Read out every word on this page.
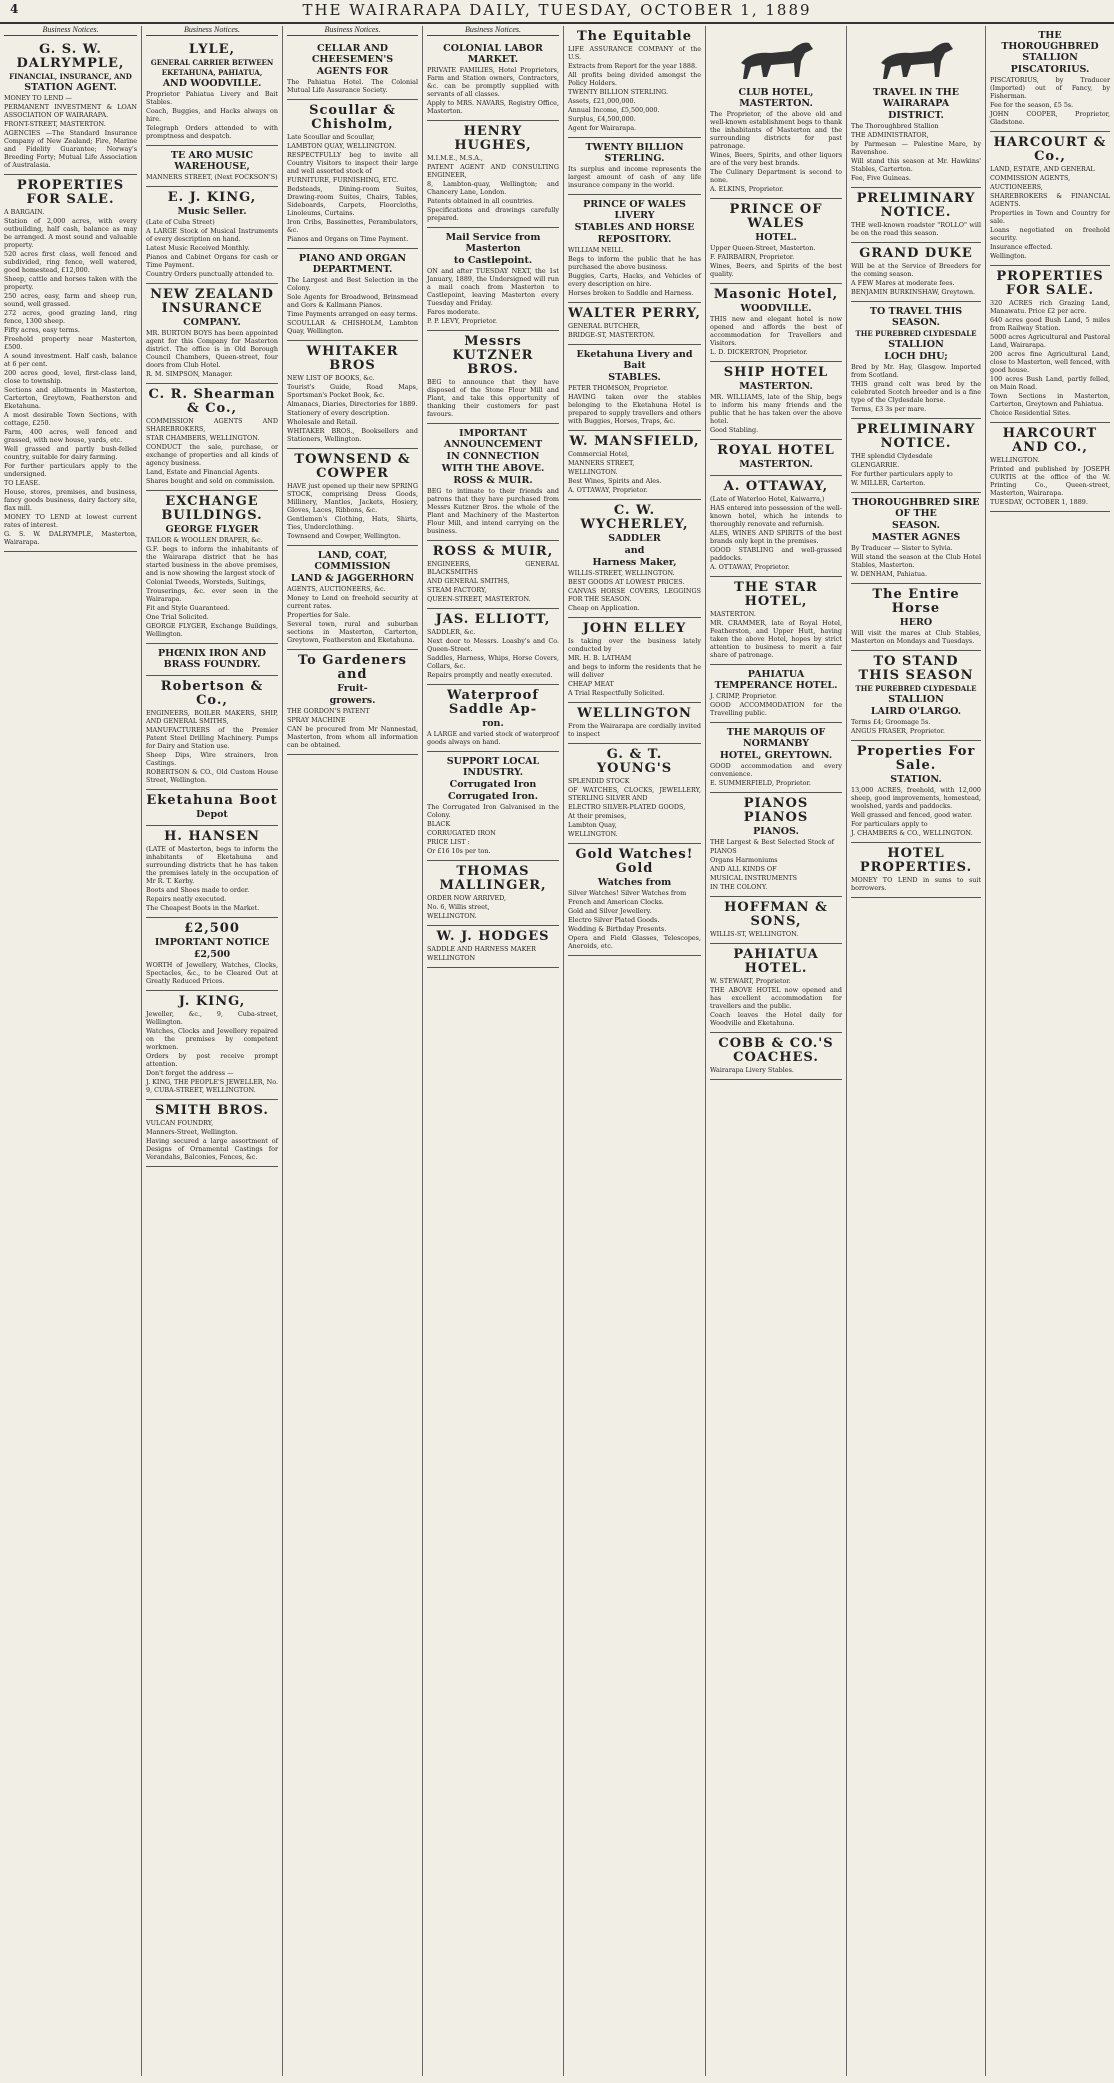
4	THE WAIRARAPA DAILY, TUESDAY, OCTOBER 1, 1889
Business Notices.
G. S. W. DALRYMPLE,
FINANCIAL, INSURANCE, AND
STATION AGENT.

MONEY TO LEND —

PERMANENT INVESTMENT & LOAN ASSOCIATION OF WAIRARAPA.

FRONT-STREET, MASTERTON.

AGENCIES —The Standard Insurance Company of New Zealand; Fire, Marine and Fidelity Guarantee; Norway's Breeding Forty; Mutual Life Association of Australasia.

PROPERTIES FOR SALE.

A BARGAIN.

Station of 2,000 acres, with every outbuilding, half cash, balance as may be arranged. A most sound and valuable property.

520 acres first class, well fenced and subdivided, ring fence, well watered, good homestead, £12,000.

Sheep, cattle and horses taken with the property.

250 acres, easy, farm and sheep run, sound, well grassed.

272 acres, good grazing land, ring fence, 1300 sheep.

Fifty acres, easy terms.

Freehold property near Masterton, £500.

A sound investment. Half cash, balance at 6 per cent.

200 acres good, level, first-class land, close to township.

Sections and allotments in Masterton, Carterton, Greytown, Featherston and Eketahuna.

A most desirable Town Sections, with cottage, £250.

Farm, 400 acres, well fenced and grassed, with new house, yards, etc.

Well grassed and partly bush-felled country, suitable for dairy farming.

For further particulars apply to the undersigned.

TO LEASE.

House, stores, premises, and business, fancy goods business, dairy factory site, flax mill.

MONEY TO LEND at lowest current rates of interest.

G. S. W. DALRYMPLE, Masterton, Wairarapa.

Business Notices.
LYLE,
GENERAL CARRIER BETWEEN
EKETAHUNA, PAHIATUA,
AND WOODVILLE.

Proprietor Pahiatua Livery and Bait Stables.

Coach, Buggies, and Hacks always on hire.

Telegraph Orders attended to with promptness and despatch.

TE ARO MUSIC WAREHOUSE,

MANNERS STREET, (Next FOCKSON'S)

E. J. KING,
Music Seller.

(Late of Cuba Street)

A LARGE Stock of Musical Instruments of every description on hand.

Latest Music Received Monthly.

Pianos and Cabinet Organs for cash or Time Payment.

Country Orders punctually attended to.

NEW ZEALAND INSURANCE
COMPANY.

MR. BURTON BOYS has been appointed agent for this Company for Masterton district. The office is in Old Borough Council Chambers, Queen-street, four doors from Club Hotel.

R. M. SIMPSON, Manager.

C. R. Shearman & Co.,

COMMISSION AGENTS AND SHAREBROKERS,

STAR CHAMBERS, WELLINGTON.

CONDUCT the sale, purchase, or exchange of properties and all kinds of agency business.

Land, Estate and Financial Agents.

Shares bought and sold on commission.

EXCHANGE BUILDINGS.
GEORGE FLYGER

TAILOR & WOOLLEN DRAPER, &c.

G.F. begs to inform the inhabitants of the Wairarapa district that he has started business in the above premises, and is now showing the largest stock of

Colonial Tweeds, Worsteds, Suitings,

Trouserings, &c. ever seen in the Wairarapa.

Fit and Style Guaranteed.

One Trial Solicited.

GEORGE FLYGER, Exchange Buildings, Wellington.

PHŒNIX IRON AND BRASS FOUNDRY.

Robertson & Co.,

ENGINEERS, BOILER MAKERS, SHIP, AND GENERAL SMITHS,

MANUFACTURERS of the Premier Patent Steel Drilling Machinery. Pumps for Dairy and Station use.

Sheep Dips, Wire strainers, Iron Castings.

ROBERTSON & CO., Old Custom House Street, Wellington.

Eketahuna Boot
Depot

H. HANSEN

(LATE of Masterton, begs to inform the inhabitants of Eketahuna and surrounding districts that he has taken the premises lately in the occupation of Mr R. T. Kerby.

Boots and Shoes made to order.

Repairs neatly executed.

The Cheapest Boots in the Market.

£2,500
IMPORTANT NOTICE
£2,500

WORTH of Jewellery, Watches, Clocks, Spectacles, &c., to be Cleared Out at Greatly Reduced Prices.

J. KING,

Jeweller, &c., 9, Cuba-street, Wellington.

Watches, Clocks and Jewellery repaired on the premises by competent workmen.

Orders by post receive prompt attention.

Don't forget the address —

J. KING, THE PEOPLE'S JEWELLER, No. 9, CUBA-STREET, WELLINGTON.

SMITH BROS.

VULCAN FOUNDRY,

Manners-Street, Wellington.

Having secured a large assortment of Designs of Ornamental Castings for Verandahs, Balconies, Fences, &c.

Business Notices.
CELLAR AND CHEESEMEN'S
AGENTS FOR

The Pahiatua Hotel. The Colonial Mutual Life Assurance Society.

Scoullar & Chisholm,

Late Scoullar and Scoullar,

LAMBTON QUAY, WELLINGTON.

RESPECTFULLY beg to invite all Country Visitors to inspect their large and well assorted stock of

FURNITURE, FURNISHING, ETC.

Bedsteads, Dining-room Suites, Drawing-room Suites, Chairs, Tables, Sideboards, Carpets, Floorcloths, Linoleums, Curtains.

Iron Cribs, Bassinettes, Perambulators, &c.

Pianos and Organs on Time Payment.

PIANO AND ORGAN DEPARTMENT.

The Largest and Best Selection in the Colony.

Sole Agents for Broadwood, Brinsmead and Gors & Kallmann Pianos.

Time Payments arranged on easy terms.

SCOULLAR & CHISHOLM, Lambton Quay, Wellington.

WHITAKER BROS

NEW LIST OF BOOKS, &c.

Tourist's Guide, Road Maps, Sportsman's Pocket Book, &c.

Almanacs, Diaries, Directories for 1889.

Stationery of every description.

Wholesale and Retail.

WHITAKER BROS., Booksellers and Stationers, Wellington.

TOWNSEND & COWPER

HAVE just opened up their new SPRING STOCK, comprising Dress Goods, Millinery, Mantles, Jackets, Hosiery, Gloves, Laces, Ribbons, &c.

Gentlemen's Clothing, Hats, Shirts, Ties, Underclothing.

Townsend and Cowper, Wellington.

LAND, COAT, COMMISSION
LAND & JAGGERHORN

AGENTS, AUCTIONEERS, &c.

Money to Lend on freehold security at current rates.

Properties for Sale.

Several town, rural and suburban sections in Masterton, Carterton, Greytown, Featherston and Eketahuna.

To Gardeners and
Fruit-
growers.

THE GORDON'S PATENT

SPRAY MACHINE

CAN be procured from Mr Nannestad, Masterton, from whom all information can be obtained.

Business Notices.
COLONIAL LABOR MARKET.

PRIVATE FAMILIES, Hotel Proprietors, Farm and Station owners, Contractors, &c. can be promptly supplied with servants of all classes.

Apply to MRS. NAVARS, Registry Office, Masterton.

HENRY HUGHES,

M.I.M.E., M.S.A.,

PATENT AGENT AND CONSULTING ENGINEER,

8, Lambton-quay, Wellington; and Chancery Lane, London.

Patents obtained in all countries.

Specifications and drawings carefully prepared.

Mail Service from Masterton
to Castlepoint.

ON and after TUESDAY NEXT, the 1st January, 1889, the Undersigned will run a mail coach from Masterton to Castlepoint, leaving Masterton every Tuesday and Friday.

Fares moderate.

P. P. LEVY, Proprietor.

Messrs KUTZNER BROS.

BEG to announce that they have disposed of the Stone Flour Mill and Plant, and take this opportunity of thanking their customers for past favours.

IMPORTANT ANNOUNCEMENT
IN CONNECTION
WITH THE ABOVE.
ROSS & MUIR.

BEG to intimate to their friends and patrons that they have purchased from Messrs Kutzner Bros. the whole of the Plant and Machinery of the Masterton Flour Mill, and intend carrying on the business.

ROSS & MUIR,

ENGINEERS, GENERAL BLACKSMITHS

AND GENERAL SMITHS,

STEAM FACTORY,

QUEEN-STREET, MASTERTON.

JAS. ELLIOTT,

SADDLER, &c.

Next door to Messrs. Loasby's and Co. Queen-Street.

Saddles, Harness, Whips, Horse Covers, Collars, &c.

Repairs promptly and neatly executed.

Waterproof Saddle Ap-
ron.

A LARGE and varied stock of waterproof goods always on hand.

SUPPORT LOCAL INDUSTRY.
Corrugated Iron
Corrugated Iron.

The Corrugated Iron Galvanised in the Colony.

BLACK

CORRUGATED IRON

PRICE LIST :

Or £16 10s per ton.

THOMAS MALLINGER,

ORDER NOW ARRIVED,

No. 6, Willis street,

WELLINGTON.

W. J. HODGES

SADDLE AND HARNESS MAKER

WELLINGTON

The Equitable

LIFE ASSURANCE COMPANY of the U.S.

Extracts from Report for the year 1888.

All profits being divided amongst the Policy Holders.

TWENTY BILLION STERLING.

Assets, £21,000,000.

Annual Income, £5,500,000.

Surplus, £4,500,000.

Agent for Wairarapa.

TWENTY BILLION STERLING.

Its surplus and income represents the largest amount of cash of any life insurance company in the world.

PRINCE OF WALES LIVERY
STABLES AND HORSE
REPOSITORY.

WILLIAM NEILL

Begs to inform the public that he has purchased the above business.

Buggies, Carts, Hacks, and Vehicles of every description on hire.

Horses broken to Saddle and Harness.

WALTER PERRY,

GENERAL BUTCHER,

BRIDGE-ST, MASTERTON.

Eketahuna Livery and Bait
STABLES.

PETER THOMSON, Proprietor.

HAVING taken over the stables belonging to the Eketahuna Hotel is prepared to supply travellers and others with Buggies, Horses, Traps, &c.

W. MANSFIELD,

Commercial Hotel,

MANNERS STREET,

WELLINGTON.

Best Wines, Spirits and Ales.

A. OTTAWAY, Proprietor.

C. W. WYCHERLEY,
SADDLER
and
Harness Maker,

WILLIS-STREET, WELLINGTON.

BEST GOODS AT LOWEST PRICES.

CANVAS HORSE COVERS, LEGGINGS FOR THE SEASON.

Cheap on Application.

JOHN ELLEY

Is taking over the business lately conducted by

MR. H. B. LATHAM

and begs to inform the residents that he will deliver

CHEAP MEAT

A Trial Respectfully Solicited.

WELLINGTON

From the Wairarapa are cordially invited to inspect

G. & T. YOUNG'S

SPLENDID STOCK

OF WATCHES, CLOCKS, JEWELLERY, STERLING SILVER AND

ELECTRO SILVER-PLATED GOODS,

At their premises,

Lambton Quay,

WELLINGTON.

Gold Watches! Gold
Watches from

Silver Watches! Silver Watches from

French and American Clocks.

Gold and Silver Jewellery.

Electro Silver Plated Goods.

Wedding & Birthday Presents.

Opera and Field Glasses, Telescopes, Aneroids, etc.

CLUB HOTEL, MASTERTON.

The Proprietor, of the above old and well-known establishment begs to thank the inhabitants of Masterton and the surrounding districts for past patronage.

Wines, Beers, Spirits, and other liquors are of the very best brands.

The Culinary Department is second to none.

A. ELKINS, Proprietor.

PRINCE OF WALES
HOTEL.

Upper Queen-Street, Masterton.

F. FAIRBAIRN, Proprietor.

Wines, Beers, and Spirits of the best quality.

Masonic Hotel,
WOODVILLE.

THIS new and elegant hotel is now opened and affords the best of accommodation for Travellers and Visitors.

L. D. DICKERTON, Proprietor.

SHIP HOTEL
MASTERTON.

MR. WILLIAMS, late of the Ship, begs to inform his many friends and the public that he has taken over the above hotel.

Good Stabling.

ROYAL HOTEL
MASTERTON.

A. OTTAWAY,

(Late of Waterloo Hotel, Kaiwarra,)

HAS entered into possession of the well-known hotel, which he intends to thoroughly renovate and refurnish.

ALES, WINES AND SPIRITS of the best brands only kept in the premises.

GOOD STABLING and well-grassed paddocks.

A. OTTAWAY, Proprietor.

THE STAR HOTEL,

MASTERTON.

MR. CRAMMER, late of Royal Hotel, Featherston, and Upper Hutt, having taken the above Hotel, hopes by strict attention to business to merit a fair share of patronage.

PAHIATUA TEMPERANCE HOTEL.

J. CRIMP, Proprietor.

GOOD ACCOMMODATION for the Travelling public.

THE MARQUIS OF NORMANBY
HOTEL, GREYTOWN.

GOOD accommodation and every convenience.

E. SUMMERFIELD, Proprietor.

PIANOS PIANOS
PIANOS.

THE Largest & Best Selected Stock of

PIANOS

Organs Harmoniums

AND ALL KINDS OF

MUSICAL INSTRUMENTS

IN THE COLONY.

HOFFMAN & SONS,

WILLIS-ST, WELLINGTON.

PAHIATUA HOTEL.

W. STEWART, Proprietor.

THE ABOVE HOTEL now opened and has excellent accommodation for travellers and the public.

Coach leaves the Hotel daily for Woodville and Eketahuna.

COBB & CO.'S COACHES.

Wairarapa Livery Stables.

TRAVEL IN THE WAIRARAPA
DISTRICT.

The Thoroughbred Stallion

THE ADMINISTRATOR,

by Parmesan — Palestine Mare, by Ravenshoe.

Will stand this season at Mr. Hawkins' Stables, Carterton.

Fee, Five Guineas.

PRELIMINARY NOTICE.

THE well-known roadster "ROLLO" will be on the road this season.

GRAND DUKE

Will be at the Service of Breeders for the coming season.

A FEW Mares at moderate fees.

BENJAMIN BURKINSHAW, Greytown.

TO TRAVEL THIS SEASON.
THE PUREBRED CLYDESDALE
STALLION
LOCH DHU;

Bred by Mr. Hay, Glasgow. Imported from Scotland.

THIS grand colt was bred by the celebrated Scotch breeder and is a fine type of the Clydesdale horse.

Terms, £3 3s per mare.

PRELIMINARY NOTICE.

THE splendid Clydesdale

GLENGARRIE.

For further particulars apply to

W. MILLER, Carterton.

THOROUGHBRED SIRE OF THE
SEASON.
MASTER AGNES

By Traducer — Sister to Sylvia.

Will stand the season at the Club Hotel Stables, Masterton.

W. DENHAM, Pahiatua.

The Entire Horse
HERO

Will visit the mares at Club Stables, Masterton on Mondays and Tuesdays.

TO STAND THIS SEASON
THE PUREBRED CLYDESDALE
STALLION
LAIRD O'LARGO.

Terms £4; Groomage 5s.

ANGUS FRASER, Proprietor.

Properties For Sale.
STATION.

13,000 ACRES, freehold, with 12,000 sheep, good improvements, homestead, woolshed, yards and paddocks.

Well grassed and fenced, good water.

For particulars apply to

J. CHAMBERS & CO., WELLINGTON.

HOTEL PROPERTIES.

MONEY TO LEND in sums to suit borrowers.

THE THOROUGHBRED STALLION
PISCATORIUS.

PISCATORIUS, by Traducer (Imported) out of Fancy, by Fisherman.

Fee for the season, £5 5s.

JOHN COOPER, Proprietor, Gladstone.

HARCOURT & Co.,

LAND, ESTATE, AND GENERAL

COMMISSION AGENTS,

AUCTIONEERS,

SHAREBROKERS & FINANCIAL AGENTS.

Properties in Town and Country for sale.

Loans negotiated on freehold security.

Insurance effected.

Wellington.

PROPERTIES FOR SALE.

320 ACRES rich Grazing Land, Manawatu. Price £2 per acre.

640 acres good Bush Land, 5 miles from Railway Station.

5000 acres Agricultural and Pastoral Land, Wairarapa.

200 acres fine Agricultural Land, close to Masterton, well fenced, with good house.

100 acres Bush Land, partly felled, on Main Road.

Town Sections in Masterton, Carterton, Greytown and Pahiatua.

Choice Residential Sites.

HARCOURT AND CO.,

WELLINGTON.

Printed and published by JOSEPH CURTIS at the office of the W. Printing Co., Queen-street, Masterton, Wairarapa.

TUESDAY, OCTOBER 1, 1889.
